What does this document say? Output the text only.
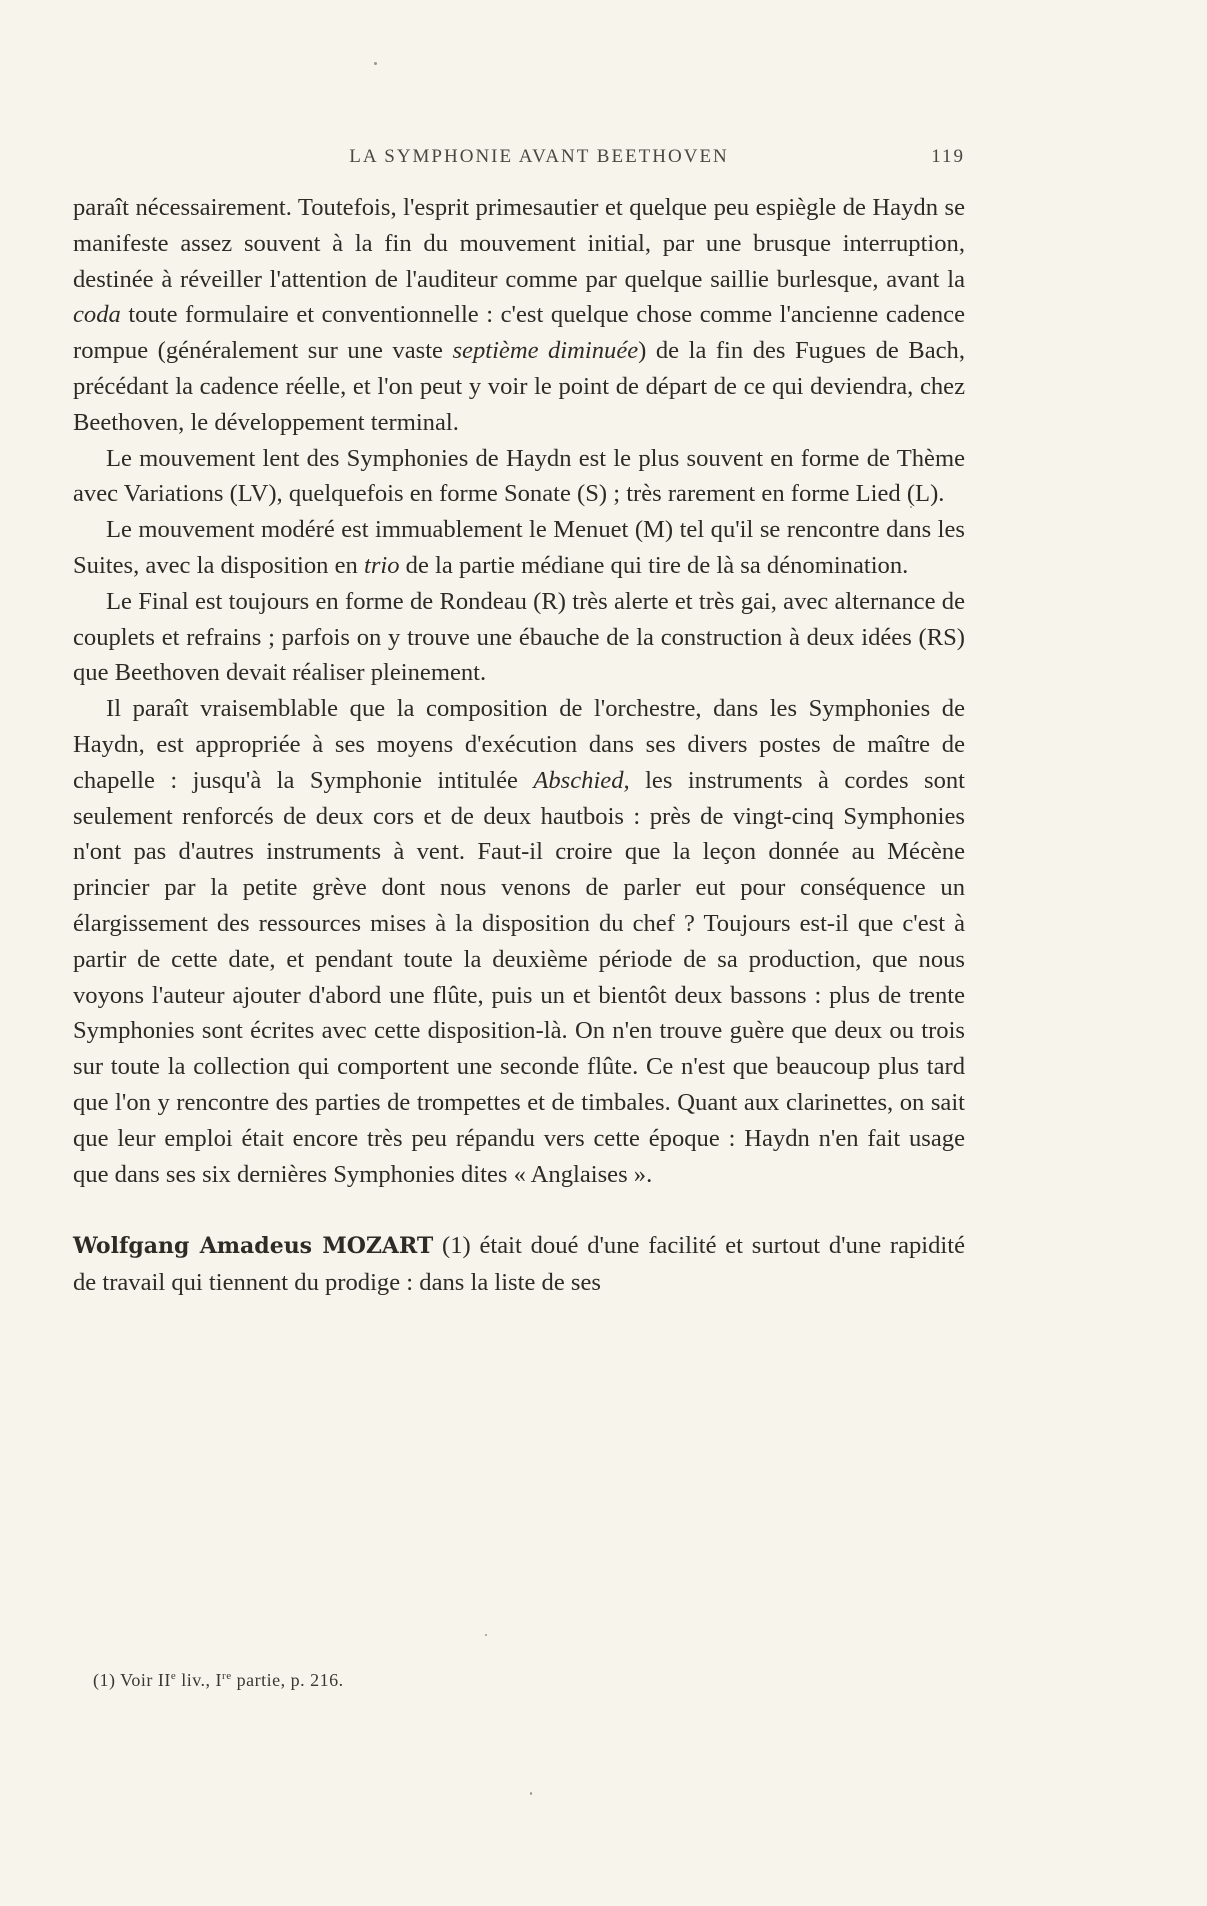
LA SYMPHONIE AVANT BEETHOVEN	119

paraît nécessairement. Toutefois, l'esprit primesautier et quelque peu espiègle de Haydn se manifeste assez souvent à la fin du mouvement initial, par une brusque interruption, destinée à réveiller l'attention de l'auditeur comme par quelque saillie burlesque, avant la coda toute formulaire et conventionnelle : c'est quelque chose comme l'ancienne cadence rompue (généralement sur une vaste septième diminuée) de la fin des Fugues de Bach, précédant la cadence réelle, et l'on peut y voir le point de départ de ce qui deviendra, chez Beethoven, le développement terminal.

Le mouvement lent des Symphonies de Haydn est le plus souvent en forme de Thème avec Variations (LV), quelquefois en forme Sonate (S) ; très rarement en forme Lied (L).

Le mouvement modéré est immuablement le Menuet (M) tel qu'il se rencontre dans les Suites, avec la disposition en trio de la partie médiane qui tire de là sa dénomination.

Le Final est toujours en forme de Rondeau (R) très alerte et très gai, avec alternance de couplets et refrains ; parfois on y trouve une ébauche de la construction à deux idées (RS) que Beethoven devait réaliser pleinement.

Il paraît vraisemblable que la composition de l'orchestre, dans les Symphonies de Haydn, est appropriée à ses moyens d'exécution dans ses divers postes de maître de chapelle : jusqu'à la Symphonie intitulée Abschied, les instruments à cordes sont seulement renforcés de deux cors et de deux hautbois : près de vingt-cinq Symphonies n'ont pas d'autres instruments à vent. Faut-il croire que la leçon donnée au Mécène princier par la petite grève dont nous venons de parler eut pour conséquence un élargissement des ressources mises à la disposition du chef ? Toujours est-il que c'est à partir de cette date, et pendant toute la deuxième période de sa production, que nous voyons l'auteur ajouter d'abord une flûte, puis un et bientôt deux bassons : plus de trente Symphonies sont écrites avec cette disposition-là. On n'en trouve guère que deux ou trois sur toute la collection qui comportent une seconde flûte. Ce n'est que beaucoup plus tard que l'on y rencontre des parties de trompettes et de timbales. Quant aux clarinettes, on sait que leur emploi était encore très peu répandu vers cette époque : Haydn n'en fait usage que dans ses six dernières Symphonies dites « Anglaises ».

Wolfgang Amadeus MOZART (1) était doué d'une facilité et surtout d'une rapidité de travail qui tiennent du prodige : dans la liste de ses

(1) Voir IIe liv., Ire partie, p. 216.
